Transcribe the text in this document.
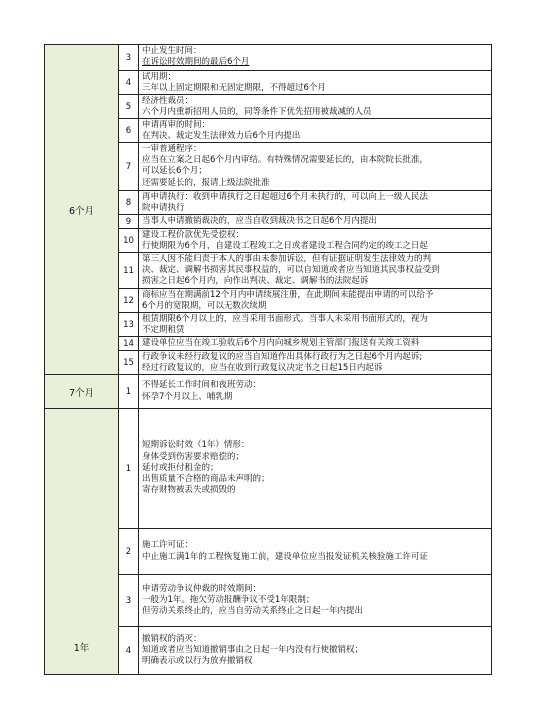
6个月
3
中止发生时间：
在诉讼时效期间的最后6个月
4
试用期：
三年以上固定期限和无固定期限，不得超过6个月
5
经济性裁员：
六个月内重新招用人员的，同等条件下优先招用被裁减的人员
6
申请再审的时间：
在判决、裁定发生法律效力后6个月内提出
7
一审普通程序：
应当在立案之日起6个月内审结。有特殊情况需要延长的，由本院院长批准，
可以延长6个月；
还需要延长的，报请上级法院批准
8
再申请执行：收到申请执行之日起超过6个月未执行的，可以向上一级人民法
院申请执行
9	当事人申请撤销裁决的，应当自收到裁决书之日起6个月内提出
10
建设工程价款优先受偿权：
行使期限为6个月，自建设工程竣工之日或者建设工程合同约定的竣工之日起
11
第三人因不能归责于本人的事由未参加诉讼，但有证据证明发生法律效力的判
决、裁定、调解书损害其民事权益的，可以自知道或者应当知道其民事权益受到
损害之日起6个月内，向作出判决、裁定、调解书的法院起诉
12
商标应当在期满前12个月内申请续展注册，在此期间未能提出申请的可以给予
6个月的宽限期，可以无数次续期
13
租赁期限6个月以上的，应当采用书面形式。当事人未采用书面形式的，视为
不定期租赁
14 建设单位应当在竣工验收后6个月内向城乡规划主管部门报送有关竣工资料
15
行政争议未经行政复议的应当自知道作出具体行政行为之日起6个月内起诉;
经过行政复议的，应当在收到行政复议决定书之日起15日内起诉
7个月	1
不得延长工作时间和夜班劳动：
怀孕7个月以上、哺乳期
1年
1
短期诉讼时效（1年）情形：
身体受到伤害要求赔偿的；
延付或拒付租金的；
出售质量不合格的商品未声明的；
寄存财物被丢失或损毁的
2
施工许可证：
中止施工满1年的工程恢复施工前，建设单位应当报发证机关核验施工许可证
3
申请劳动争议仲裁的时效期间：
一般为1年。拖欠劳动报酬争议不受1年限制；
但劳动关系终止的，应当自劳动关系终止之日起一年内提出
4
撤销权的消灭：
知道或者应当知道撤销事由之日起一年内没有行使撤销权；
明确表示或以行为放弃撤销权
